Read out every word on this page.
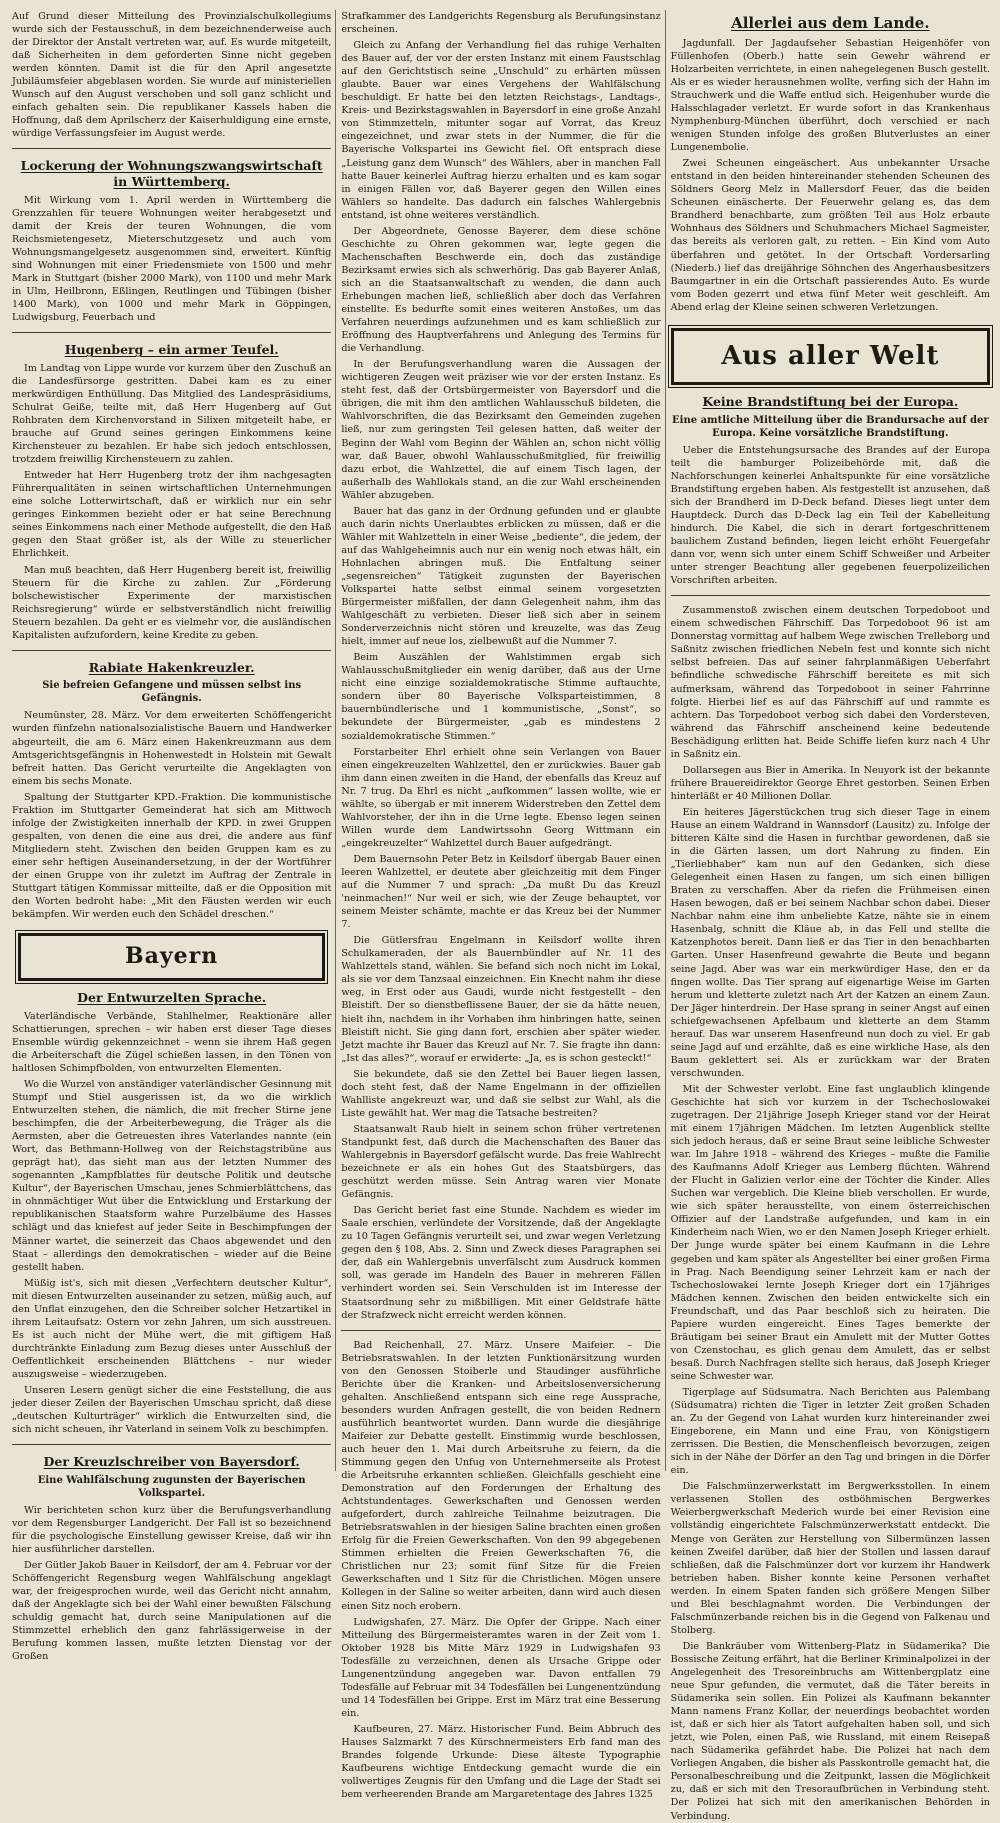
Auf Grund dieser Mitteilung des Provinzialschulkollegiums wurde sich der Festausschuß, in dem bezeichnenderweise auch der Direktor der Anstalt vertreten war, auf. Es wurde mitgeteilt, daß Sicherheiten in dem geforderten Sinne nicht gegeben werden könnten. Damit ist die für den April angesetzte Jubiläumsfeier abgeblasen worden. Sie wurde auf ministeriellen Wunsch auf den August verschoben und soll ganz schlicht und einfach gehalten sein. Die republikaner Kassels haben die Hoffnung, daß dem Aprilscherz der Kaiserhuldigung eine ernste, würdige Verfassungsfeier im August werde.

Lockerung der Wohnungszwangswirtschaft in Württemberg.

Mit Wirkung vom 1. April werden in Württemberg die Grenzzahlen für teuere Wohnungen weiter herabgesetzt und damit der Kreis der teuren Wohnungen, die vom Reichsmietengesetz, Mieterschutzgesetz und auch vom Wohnungsmangelgesetz ausgenommen sind, erweitert. Künftig sind Wohnungen mit einer Friedensmiete von 1500 und mehr Mark in Stuttgart (bisher 2000 Mark), von 1100 und mehr Mark in Ulm, Heilbronn, Eßlingen, Reutlingen und Tübingen (bisher 1400 Mark), von 1000 und mehr Mark in Göppingen, Ludwigsburg, Feuerbach und

Hugenberg – ein armer Teufel.

Im Landtag von Lippe wurde vor kurzem über den Zuschuß an die Landesfürsorge gestritten. Dabei kam es zu einer merkwürdigen Enthüllung. Das Mitglied des Landespräsidiums, Schulrat Geiße, teilte mit, daß Herr Hugenberg auf Gut Rohbraten dem Kirchenvorstand in Silixen mitgeteilt habe, er brauche auf Grund seines geringen Einkommens keine Kirchensteuer zu bezahlen. Er habe sich jedoch entschlossen, trotzdem freiwillig Kirchensteuern zu zahlen.

Entweder hat Herr Hugenberg trotz der ihm nachgesagten Führerqualitäten in seinen wirtschaftlichen Unternehmungen eine solche Lotterwirtschaft, daß er wirklich nur ein sehr geringes Einkommen bezieht oder er hat seine Berechnung seines Einkommens nach einer Methode aufgestellt, die den Haß gegen den Staat größer ist, als der Wille zu steuerlicher Ehrlichkeit.

Man muß beachten, daß Herr Hugenberg bereit ist, freiwillig Steuern für die Kirche zu zahlen. Zur „Förderung bolschewistischer Experimente der marxistischen Reichsregierung“ würde er selbstverständlich nicht freiwillig Steuern bezahlen. Da geht er es vielmehr vor, die ausländischen Kapitalisten aufzufordern, keine Kredite zu geben.

Rabiate Hakenkreuzler.
Sie befreien Gefangene und müssen selbst ins Gefängnis.

Neumünster, 28. März. Vor dem erweiterten Schöffengericht wurden fünfzehn nationalsozialistische Bauern und Handwerker abgeurteilt, die am 6. März einen Hakenkreuzmann aus dem Amtsgerichtsgefängnis in Hohenwestedt in Holstein mit Gewalt befreit hatten. Das Gericht verurteilte die Angeklagten von einem bis sechs Monate.

Spaltung der Stuttgarter KPD.-Fraktion. Die kommunistische Fraktion im Stuttgarter Gemeinderat hat sich am Mittwoch infolge der Zwistigkeiten innerhalb der KPD. in zwei Gruppen gespalten, von denen die eine aus drei, die andere aus fünf Mitgliedern steht. Zwischen den beiden Gruppen kam es zu einer sehr heftigen Auseinandersetzung, in der der Wortführer der einen Gruppe von ihr zuletzt im Auftrag der Zentrale in Stuttgart tätigen Kommissar mitteilte, daß er die Opposition mit den Worten bedroht habe: „Mit den Fäusten werden wir euch bekämpfen. Wir werden euch den Schädel dreschen.“

Bayern
Der Entwurzelten Sprache.

Vaterländische Verbände, Stahlhelmer, Reaktionäre aller Schattierungen, sprechen – wir haben erst dieser Tage dieses Ensemble würdig gekennzeichnet – wenn sie ihrem Haß gegen die Arbeiterschaft die Zügel schießen lassen, in den Tönen von haltlosen Schimpfbolden, von entwurzelten Elementen.

Wo die Wurzel von anständiger vaterländischer Gesinnung mit Stumpf und Stiel ausgerissen ist, da wo die wirklich Entwurzelten stehen, die nämlich, die mit frecher Stirne jene beschimpfen, die der Arbeiterbewegung, die Träger als die Aermsten, aber die Getreuesten ihres Vaterlandes nannte (ein Wort, das Bethmann-Hollweg von der Reichstagstribüne aus geprägt hat), das sieht man aus der letzten Nummer des sogenannten „Kampfblattes für deutsche Politik und deutsche Kultur“, der Bayerischen Umschau, jenes Schmierblättchens, das in ohnmächtiger Wut über die Entwicklung und Erstarkung der republikanischen Staatsform wahre Purzelbäume des Hasses schlägt und das kniefest auf jeder Seite in Beschimpfungen der Männer wartet, die seinerzeit das Chaos abgewendet und den Staat – allerdings den demokratischen – wieder auf die Beine gestellt haben.

Müßig ist's, sich mit diesen „Verfechtern deutscher Kultur“, mit diesen Entwurzelten auseinander zu setzen, müßig auch, auf den Unflat einzugehen, den die Schreiber solcher Hetzartikel in ihrem Leitaufsatz: Ostern vor zehn Jahren, um sich ausstreuen. Es ist auch nicht der Mühe wert, die mit giftigem Haß durchtränkte Einladung zum Bezug dieses unter Ausschluß der Oeffentlichkeit erscheinenden Blättchens – nur wieder auszugsweise – wiederzugeben.

Unseren Lesern genügt sicher die eine Feststellung, die aus jeder dieser Zeilen der Bayerischen Umschau spricht, daß diese „deutschen Kulturträger“ wirklich die Entwurzelten sind, die sich nicht scheuen, ihr Vaterland in seinem Volk zu beschimpfen.

Der Kreuzlschreiber von Bayersdorf.
Eine Wahlfälschung zugunsten der Bayerischen Volkspartei.

Wir berichteten schon kurz über die Berufungsverhandlung vor dem Regensburger Landgericht. Der Fall ist so bezeichnend für die psychologische Einstellung gewisser Kreise, daß wir ihn hier ausführlicher darstellen.

Der Gütler Jakob Bauer in Keilsdorf, der am 4. Februar vor der Schöffengericht Regensburg wegen Wahlfälschung angeklagt war, der freigesprochen wurde, weil das Gericht nicht annahm, daß der Angeklagte sich bei der Wahl einer bewußten Fälschung schuldig gemacht hat, durch seine Manipulationen auf die Stimmzettel erheblich den ganz fahrlässigerweise in der Berufung kommen lassen, mußte letzten Dienstag vor der Großen

Strafkammer des Landgerichts Regensburg als Berufungsinstanz erscheinen.

Gleich zu Anfang der Verhandlung fiel das ruhige Verhalten des Bauer auf, der vor der ersten Instanz mit einem Faustschlag auf den Gerichtstisch seine „Unschuld“ zu erhärten müssen glaubte. Bauer war eines Vergehens der Wahlfälschung beschuldigt. Er hatte bei den letzten Reichstags-, Landtags-, Kreis- und Bezirkstagswahlen in Bayersdorf in eine große Anzahl von Stimmzetteln, mitunter sogar auf Vorrat, das Kreuz eingezeichnet, und zwar stets in der Nummer, die für die Bayerische Volkspartei ins Gewicht fiel. Oft entsprach diese „Leistung ganz dem Wunsch“ des Wählers, aber in manchen Fall hatte Bauer keinerlei Auftrag hierzu erhalten und es kam sogar in einigen Fällen vor, daß Bayerer gegen den Willen eines Wählers so handelte. Das dadurch ein falsches Wahlergebnis entstand, ist ohne weiteres verständlich.

Der Abgeordnete, Genosse Bayerer, dem diese schöne Geschichte zu Ohren gekommen war, legte gegen die Machenschaften Beschwerde ein, doch das zuständige Bezirksamt erwies sich als schwerhörig. Das gab Bayerer Anlaß, sich an die Staatsanwaltschaft zu wenden, die dann auch Erhebungen machen ließ, schließlich aber doch das Verfahren einstellte. Es bedurfte somit eines weiteren Anstoßes, um das Verfahren neuerdings aufzunehmen und es kam schließlich zur Eröffnung des Hauptverfahrens und Anlegung des Termins für die Verhandlung.

In der Berufungsverhandlung waren die Aussagen der wichtigeren Zeugen weit präziser wie vor der ersten Instanz. Es steht fest, daß der Ortsbürgermeister von Bayersdorf und die übrigen, die mit ihm den amtlichen Wahlausschuß bildeten, die Wahlvorschriften, die das Bezirksamt den Gemeinden zugehen ließ, nur zum geringsten Teil gelesen hatten, daß weiter der Beginn der Wahl vom Beginn der Wählen an, schon nicht völlig war, daß Bauer, obwohl Wahlausschußmitglied, für freiwillig dazu erbot, die Wahlzettel, die auf einem Tisch lagen, der außerhalb des Wahllokals stand, an die zur Wahl erscheinenden Wähler abzugeben.

Bauer hat das ganz in der Ordnung gefunden und er glaubte auch darin nichts Unerlaubtes erblicken zu müssen, daß er die Wähler mit Wahlzetteln in einer Weise „bediente“, die jedem, der auf das Wahlgeheimnis auch nur ein wenig noch etwas hält, ein Hohnlachen abringen muß. Die Entfaltung seiner „segensreichen“ Tätigkeit zugunsten der Bayerischen Volkspartei hatte selbst einmal seinem vorgesetzten Bürgermeister mißfallen, der dann Gelegenheit nahm, ihm das Wahlgeschäft zu verbieten. Dieser ließ sich aber in seinem Sonderverzeichnis nicht stören und kreuzelte, was das Zeug hielt, immer auf neue los, zielbewußt auf die Nummer 7.

Beim Auszählen der Wahlstimmen ergab sich Wahlausschußmitglieder ein wenig darüber, daß aus der Urne nicht eine einzige sozialdemokratische Stimme auftauchte, sondern über 80 Bayerische Volksparteistimmen, 8 bauernbündlerische und 1 kommunistische, „Sonst“, so bekundete der Bürgermeister, „gab es mindestens 2 sozialdemokratische Stimmen.“

Forstarbeiter Ehrl erhielt ohne sein Verlangen von Bauer einen eingekreuzelten Wahlzettel, den er zurückwies. Bauer gab ihm dann einen zweiten in die Hand, der ebenfalls das Kreuz auf Nr. 7 trug. Da Ehrl es nicht „aufkommen“ lassen wollte, wie er wählte, so übergab er mit innerem Widerstreben den Zettel dem Wahlvorsteher, der ihn in die Urne legte. Ebenso legen seinen Willen wurde dem Landwirtssohn Georg Wittmann ein „eingekreuzelter“ Wahlzettel durch Bauer aufgedrängt.

Dem Bauernsohn Peter Betz in Keilsdorf übergab Bauer einen leeren Wahlzettel, er deutete aber gleichzeitig mit dem Finger auf die Nummer 7 und sprach: „Da mußt Du das Kreuzl 'neinmachen!“ Nur weil er sich, wie der Zeuge behauptet, vor seinem Meister schämte, machte er das Kreuz bei der Nummer 7.

Die Gütlersfrau Engelmann in Keilsdorf wollte ihren Schulkameraden, der als Bauernbündler auf Nr. 11 des Wahlzettels stand, wählen. Sie befand sich noch nicht im Lokal, als sie vor dem Tanzsaal einzeichnen. Ein Knecht nahm ihr diese weg, in Erst oder aus Gaudi, wurde nicht festgestellt – den Bleistift. Der so dienstbeflissene Bauer, der sie da hätte neuen, hielt ihn, nachdem in ihr Vorhaben ihm hinbringen hatte, seinen Bleistift nicht. Sie ging dann fort, erschien aber später wieder. Jetzt machte ihr Bauer das Kreuzl auf Nr. 7. Sie fragte ihn dann: „Ist das alles?“, worauf er erwiderte: „Ja, es is schon gesteckt!“

Sie bekundete, daß sie den Zettel bei Bauer liegen lassen, doch steht fest, daß der Name Engelmann in der offiziellen Wahlliste angekreuzt war, und daß sie selbst zur Wahl, als die Liste gewählt hat. Wer mag die Tatsache bestreiten?

Staatsanwalt Raub hielt in seinem schon früher vertretenen Standpunkt fest, daß durch die Machenschaften des Bauer das Wahlergebnis in Bayersdorf gefälscht wurde. Das freie Wahlrecht bezeichnete er als ein hohes Gut des Staatsbürgers, das geschützt werden müsse. Sein Antrag waren vier Monate Gefängnis.

Das Gericht beriet fast eine Stunde. Nachdem es wieder im Saale erschien, verlündete der Vorsitzende, daß der Angeklagte zu 10 Tagen Gefängnis verurteilt sei, und zwar wegen Verletzung gegen den § 108, Abs. 2. Sinn und Zweck dieses Paragraphen sei der, daß ein Wahlergebnis unverfälscht zum Ausdruck kommen soll, was gerade im Handeln des Bauer in mehreren Fällen verhindert worden sei. Sein Verschulden ist im Interesse der Staatsordnung sehr zu mißbilligen. Mit einer Geldstrafe hätte der Strafzweck nicht erreicht werden können.

Bad Reichenhall, 27. März. Unsere Maifeier. – Die Betriebsratswahlen. In der letzten Funktionärsitzung wurden von den Genossen Stoiberle und Staudinger ausführliche Berichte über die Kranken- und Arbeitslosenversicherung gehalten. Anschließend entspann sich eine rege Aussprache, besonders wurden Anfragen gestellt, die von beiden Rednern ausführlich beantwortet wurden. Dann wurde die diesjährige Maifeier zur Debatte gestellt. Einstimmig wurde beschlossen, auch heuer den 1. Mai durch Arbeitsruhe zu feiern, da die Stimmung gegen den Unfug von Unternehmerseite als Protest die Arbeitsruhe erkannten schließen. Gleichfalls geschieht eine Demonstration auf den Forderungen der Erhaltung des Achtstundentages. Gewerkschaften und Genossen werden aufgefordert, durch zahlreiche Teilnahme beizutragen. Die Betriebsratswahlen in der hiesigen Saline brachten einen großen Erfolg für die Freien Gewerkschaften. Von den 99 abgegebenen Stimmen erhielten die Freien Gewerkschaften 76, die Christlichen nur 23; somit fünf Sitze für die Freien Gewerkschaften und 1 Sitz für die Christlichen. Mögen unsere Kollegen in der Saline so weiter arbeiten, dann wird auch diesen einen Sitz noch erobern.

Ludwigshafen, 27. März. Die Opfer der Grippe. Nach einer Mitteilung des Bürgermeisteramtes waren in der Zeit vom 1. Oktober 1928 bis Mitte März 1929 in Ludwigshafen 93 Todesfälle zu verzeichnen, denen als Ursache Grippe oder Lungenentzündung angegeben war. Davon entfallen 79 Todesfälle auf Februar mit 34 Todesfällen bei Lungenentzündung und 14 Todesfällen bei Grippe. Erst im März trat eine Besserung ein.

Kaufbeuren, 27. März. Historischer Fund. Beim Abbruch des Hauses Salzmarkt 7 des Kürschnermeisters Erb fand man des Brandes folgende Urkunde: Diese älteste Typographie Kaufbeurens wichtige Entdeckung gemacht wurde die ein vollwertiges Zeugnis für den Umfang und die Lage der Stadt sei bem verheerenden Brande am Margaretentage des Jahres 1325

Allerlei aus dem Lande.

Jagdunfall. Der Jagdaufseher Sebastian Heigenhöfer von Füllenhofen (Oberb.) hatte sein Gewehr während er Holzarbeiten verrichtete, in einen nahegelegenen Busch gestellt. Als er es wieder herausnehmen wollte, verfing sich der Hahn im Strauchwerk und die Waffe entlud sich. Heigenhuber wurde die Halsschlagader verletzt. Er wurde sofort in das Krankenhaus Nymphenburg-München überführt, doch verschied er nach wenigen Stunden infolge des großen Blutverlustes an einer Lungenembolie.

Zwei Scheunen eingeäschert. Aus unbekannter Ursache entstand in den beiden hintereinander stehenden Scheunen des Söldners Georg Melz in Mallersdorf Feuer, das die beiden Scheunen einäscherte. Der Feuerwehr gelang es, das dem Brandherd benachbarte, zum größten Teil aus Holz erbaute Wohnhaus des Söldners und Schuhmachers Michael Sagmeister, das bereits als verloren galt, zu retten. – Ein Kind vom Auto überfahren und getötet. In der Ortschaft Vordersarling (Niederb.) lief das dreijährige Söhnchen des Angerhausbesitzers Baumgartner in ein die Ortschaft passierendes Auto. Es wurde vom Boden gezerrt und etwa fünf Meter weit geschleift. Am Abend erlag der Kleine seinen schweren Verletzungen.

Aus aller Welt
Keine Brandstiftung bei der Europa.
Eine amtliche Mitteilung über die Brandursache auf der Europa. Keine vorsätzliche Brandstiftung.

Ueber die Entstehungsursache des Brandes auf der Europa teilt die hamburger Polizeibehörde mit, daß die Nachforschungen keinerlei Anhaltspunkte für eine vorsätzliche Brandstiftung ergeben haben. Als festgestellt ist anzusehen, daß sich der Brandherd im D-Deck befand. Dieses liegt unter dem Hauptdeck. Durch das D-Deck lag ein Teil der Kabelleitung hindurch. Die Kabel, die sich in derart fortgeschrittenem baulichem Zustand befinden, liegen leicht erhöht Feuergefahr dann vor, wenn sich unter einem Schiff Schweißer und Arbeiter unter strenger Beachtung aller gegebenen feuerpolizeilichen Vorschriften arbeiten.

Zusammenstoß zwischen einem deutschen Torpedoboot und einem schwedischen Fährschiff. Das Torpedoboot 96 ist am Donnerstag vormittag auf halbem Wege zwischen Trelleborg und Saßnitz zwischen friedlichen Nebeln fest und konnte sich nicht selbst befreien. Das auf seiner fahrplanmäßigen Ueberfahrt befindliche schwedische Fährschiff bereitete es mit sich aufmerksam, während das Torpedoboot in seiner Fahrrinne folgte. Hierbei lief es auf das Fährschiff auf und rammte es achtern. Das Torpedoboot verbog sich dabei den Vordersteven, während das Fährschiff anscheinend keine bedeutende Beschädigung erlitten hat. Beide Schiffe liefen kurz nach 4 Uhr in Saßnitz ein.

Dollarsegen aus Bier in Amerika. In Neuyork ist der bekannte frühere Brauereidirektor George Ehret gestorben. Seinen Erben hinterläßt er 40 Millionen Dollar.

Ein heiteres Jägerstückchen trug sich dieser Tage in einem Hause an einem Waldrand in Wannsdorf (Lausitz) zu. Infolge der bitteren Kälte sind die Hasen in furchtbar gewordenen, daß sie in die Gärten lassen, um dort Nahrung zu finden. Ein „Tierliebhaber“ kam nun auf den Gedanken, sich diese Gelegenheit einen Hasen zu fangen, um sich einen billigen Braten zu verschaffen. Aber da riefen die Frühmeisen einen Hasen bewogen, daß er bei seinem Nachbar schon dabei. Dieser Nachbar nahm eine ihm unbeliebte Katze, nähte sie in einem Hasenbalg, schnitt die Kläue ab, in das Fell und stellte die Katzenphotos bereit. Dann ließ er das Tier in den benachbarten Garten. Unser Hasenfreund gewahrte die Beute und begann seine Jagd. Aber was war ein merkwürdiger Hase, den er da fingen wollte. Das Tier sprang auf eigenartige Weise im Garten herum und kletterte zuletzt nach Art der Katzen an einem Zaun. Der Jäger hinterdrein. Der Hase sprang in seiner Angst auf einen schiefgewachsenen Apfelbaum und kletterte an dem Stamm herauf. Das war unserem Hasenfreund nun doch zu viel. Er gab seine Jagd auf und erzählte, daß es eine wirkliche Hase, als den Baum geklettert sei. Als er zurückkam war der Braten verschwunden.

Mit der Schwester verlobt. Eine fast unglaublich klingende Geschichte hat sich vor kurzem in der Tschechoslowakei zugetragen. Der 21jährige Joseph Krieger stand vor der Heirat mit einem 17jährigen Mädchen. Im letzten Augenblick stellte sich jedoch heraus, daß er seine Braut seine leibliche Schwester war. Im Jahre 1918 – während des Krieges – mußte die Familie des Kaufmanns Adolf Krieger aus Lemberg flüchten. Während der Flucht in Galizien verlor eine der Töchter die Kinder. Alles Suchen war vergeblich. Die Kleine blieb verschollen. Er wurde, wie sich später herausstellte, von einem österreichischen Offizier auf der Landstraße aufgefunden, und kam in ein Kinderheim nach Wien, wo er den Namen Joseph Krieger erhielt. Der Junge wurde später bei einem Kaufmann in die Lehre gegeben und kam später als Angestellter bei einer großen Firma in Prag. Nach Beendigung seiner Lehrzeit kam er nach der Tschechoslowakei lernte Joseph Krieger dort ein 17jähriges Mädchen kennen. Zwischen den beiden entwickelte sich ein Freundschaft, und das Paar beschloß sich zu heiraten. Die Papiere wurden eingereicht. Eines Tages bemerkte der Bräutigam bei seiner Braut ein Amulett mit der Mutter Gottes von Czenstochau, es glich genau dem Amulett, das er selbst besaß. Durch Nachfragen stellte sich heraus, daß Joseph Krieger seine Schwester war.

Tigerplage auf Südsumatra. Nach Berichten aus Palembang (Südsumatra) richten die Tiger in letzter Zeit großen Schaden an. Zu der Gegend von Lahat wurden kurz hintereinander zwei Eingeborene, ein Mann und eine Frau, von Königstigern zerrissen. Die Bestien, die Menschenfleisch bevorzugen, zeigen sich in der Nähe der Dörfer an den Tag und bringen in die Dörfer ein.

Die Falschmünzerwerkstatt im Bergwerksstollen. In einem verlassenen Stollen des ostböhmischen Bergwerkes Weierbergwerkschaft Mederich wurde bei einer Revision eine vollständig eingerichtete Falschmünzerwerkstatt entdeckt. Die Menge von Geräten zur Herstellung von Silbermünzen lassen keinen Zweifel darüber, daß hier der Stollen und lassen darauf schließen, daß die Falschmünzer dort vor kurzem ihr Handwerk betrieben haben. Bisher konnte keine Personen verhaftet werden. In einem Spaten fanden sich größere Mengen Silber und Blei beschlagnahmt worden. Die Verbindungen der Falschmünzerbande reichen bis in die Gegend von Falkenau und Stolberg.

Die Bankräuber vom Wittenberg-Platz in Südamerika? Die Bossische Zeitung erfährt, hat die Berliner Kriminalpolizei in der Angelegenheit des Tresoreinbruchs am Wittenbergplatz eine neue Spur gefunden, die vermutet, daß die Täter bereits in Südamerika sein sollen. Ein Polizei als Kaufmann bekannter Mann namens Franz Kollar, der neuerdings beobachtet worden ist, daß er sich hier als Tatort aufgehalten haben soll, und sich jetzt, wie Polen, einen Paß, wie Russland, mit einem Reisepaß nach Südamerika gefährdet habe. Die Polizei hat nach dem Vorliegen Angaben, die bisher als Passkontrolle gemacht hat, die Personalbeschreibung und die Zeitpunkt, lassen die Möglichkeit zu, daß er sich mit den Tresoraufbrüchen in Verbindung steht. Der Polizei hat sich mit den amerikanischen Behörden in Verbindung.
